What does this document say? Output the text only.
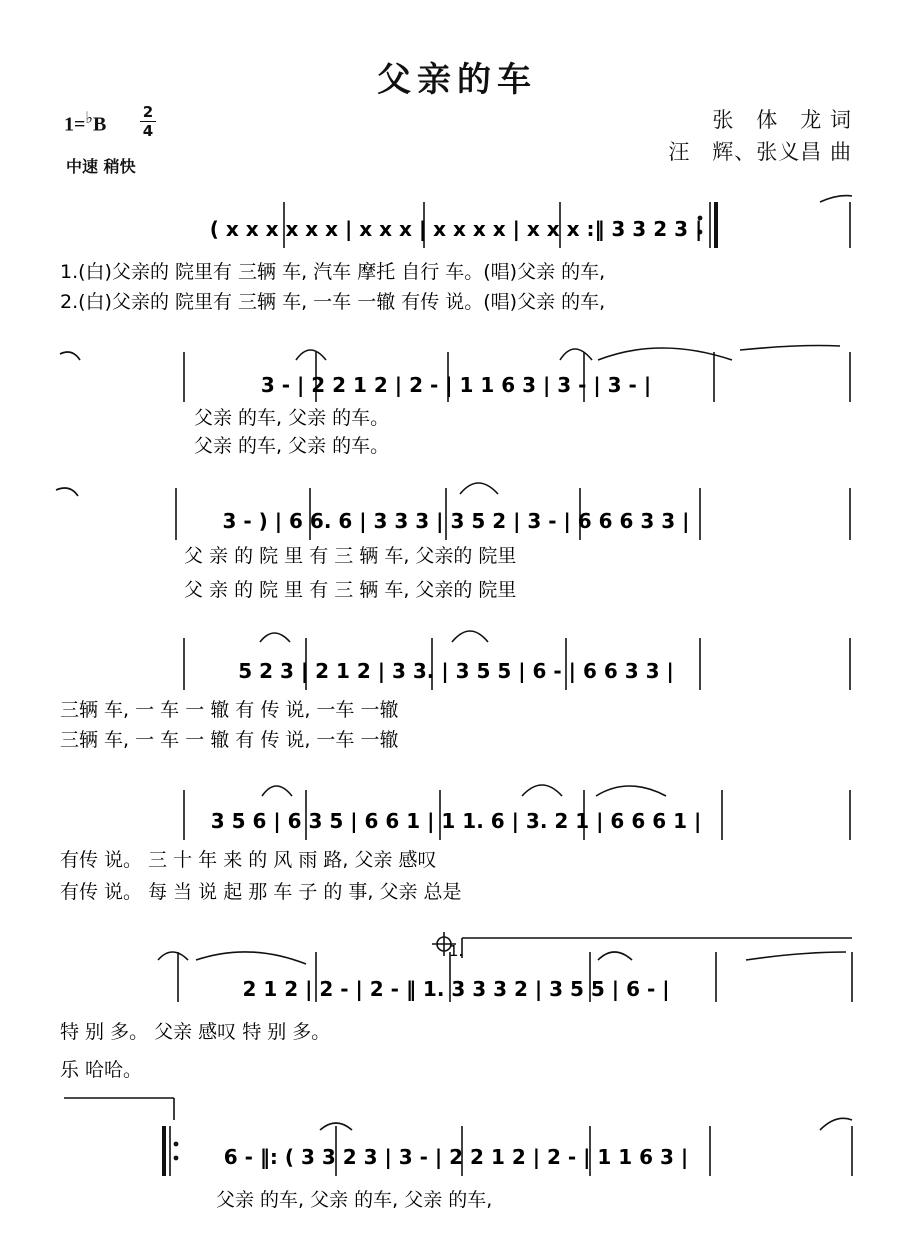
父亲的车
1=♭B
2
4
中速 稍快
张　体　龙 词
汪　辉、张义昌 曲
( x x x x x x | x x x | x x x x | x x x :‖ 3 3 2 3 |
3 - | 2 2 1 2 | 2 - | 1 1 6 3 | 3 - | 3 - |
3 - ) | 6 6. 6 | 3 3 3 | 3 5 2 | 3 - | 6 6 6 3 3 |
5 2 3 | 2 1 2 | 3 3. | 3 5 5 | 6 - | 6 6 3 3 |
3 5 6 | 6 3 5 | 6 6 1 | 1 1. 6 | 3. 2 1 | 6 6 6 1 |
2 1 2 | 2 - | 2 - ‖ 1. 3 3 3 2 | 3 5 5 | 6 - |
1.
6 - ‖: ( 3 3 2 3 | 3 - | 2 2 1 2 | 2 - | 1 1 6 3 |
1.(白)父亲的 院里有 三辆 车, 汽车 摩托 自行 车。(唱)父亲 的车,
2.(白)父亲的 院里有 三辆 车, 一车 一辙 有传 说。(唱)父亲 的车,
父亲 的车, 父亲 的车。
父亲 的车, 父亲 的车。
父 亲 的 院 里 有 三 辆 车, 父亲的 院里
父 亲 的 院 里 有 三 辆 车, 父亲的 院里
三辆 车, 一 车 一 辙 有 传 说, 一车 一辙
三辆 车, 一 车 一 辙 有 传 说, 一车 一辙
有传 说。 三 十 年 来 的 风 雨 路, 父亲 感叹
有传 说。 每 当 说 起 那 车 子 的 事, 父亲 总是
特 别 多。 父亲 感叹 特 别 多。
乐 哈哈。
父亲 的车, 父亲 的车, 父亲 的车,
